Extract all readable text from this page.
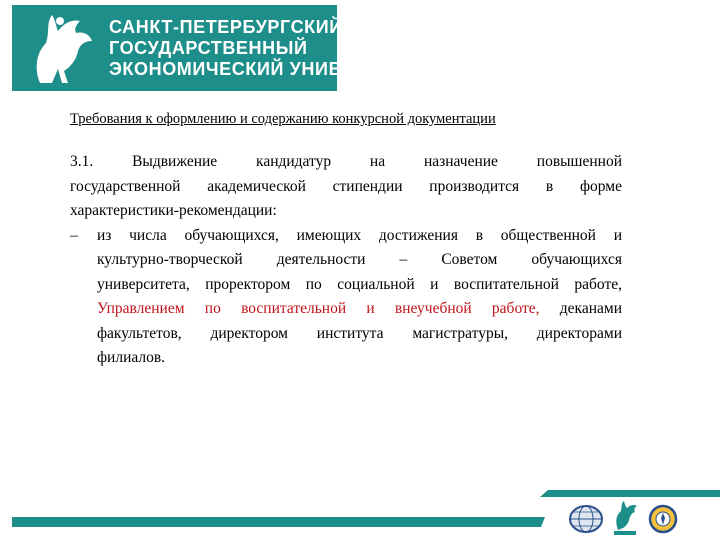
САНКТ-ПЕТЕРБУРГСКИЙ
ГОСУДАРСТВЕННЫЙ
ЭКОНОМИЧЕСКИЙ УНИВЕРСИТЕТ
Требования к оформлению и содержанию конкурсной документации
3.1. Выдвижение кандидатур на назначение повышенной
государственной академической стипендии производится в форме
характеристики-рекомендации:
– из числа обучающихся, имеющих достижения в общественной и
культурно-творческой деятельности – Советом обучающихся
университета, проректором по социальной и воспитательной работе,
Управлением по воспитательной и внеучебной работе, деканами
факультетов, директором института магистратуры, директорами
филиалов.
